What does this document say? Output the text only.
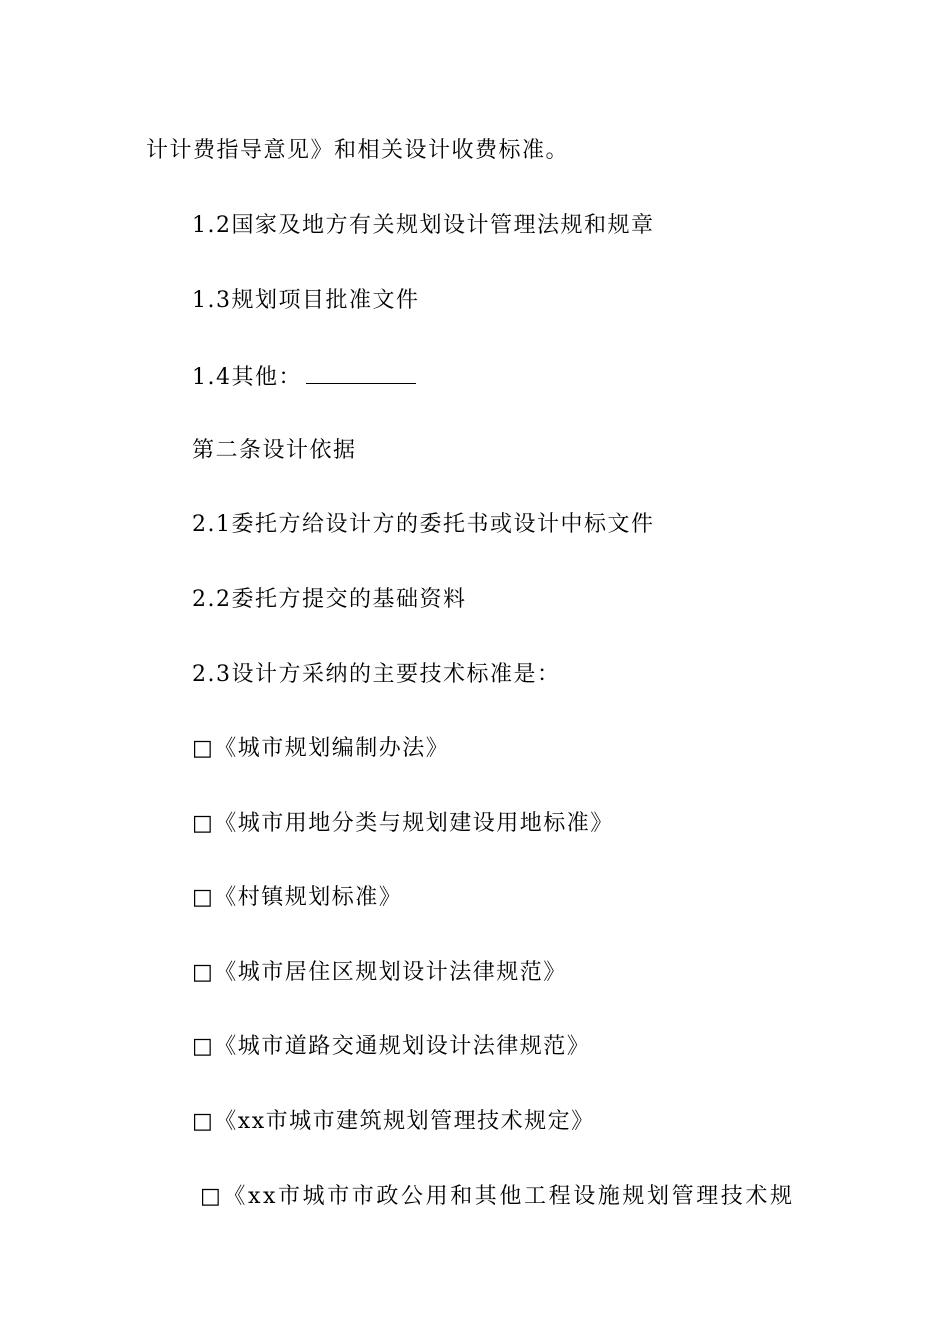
计计费指导意见》和相关设计收费标准。
1.2国家及地方有关规划设计管理法规和规章
1.3规划项目批准文件
1.4其他：
第二条设计依据
2.1委托方给设计方的委托书或设计中标文件
2.2委托方提交的基础资料
2.3设计方采纳的主要技术标准是：
□《城市规划编制办法》
□《城市用地分类与规划建设用地标准》
□《村镇规划标准》
□《城市居住区规划设计法律规范》
□《城市道路交通规划设计法律规范》
□《xx市城市建筑规划管理技术规定》
□《xx市城市市政公用和其他工程设施规划管理技术规
